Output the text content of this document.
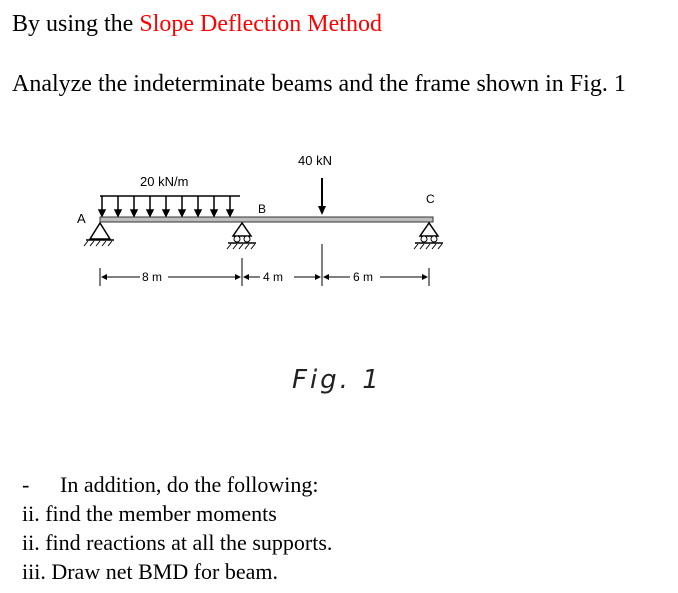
By using the Slope Deflection Method
Analyze the indeterminate beams and the frame shown in Fig. 1
20 kN/m
40 kN
A
B
C
8 m	4 m	6 m
Fig. 1
- In addition, do the following:
ii. find the member moments
ii. find reactions at all the supports.
iii. Draw net BMD for beam.
